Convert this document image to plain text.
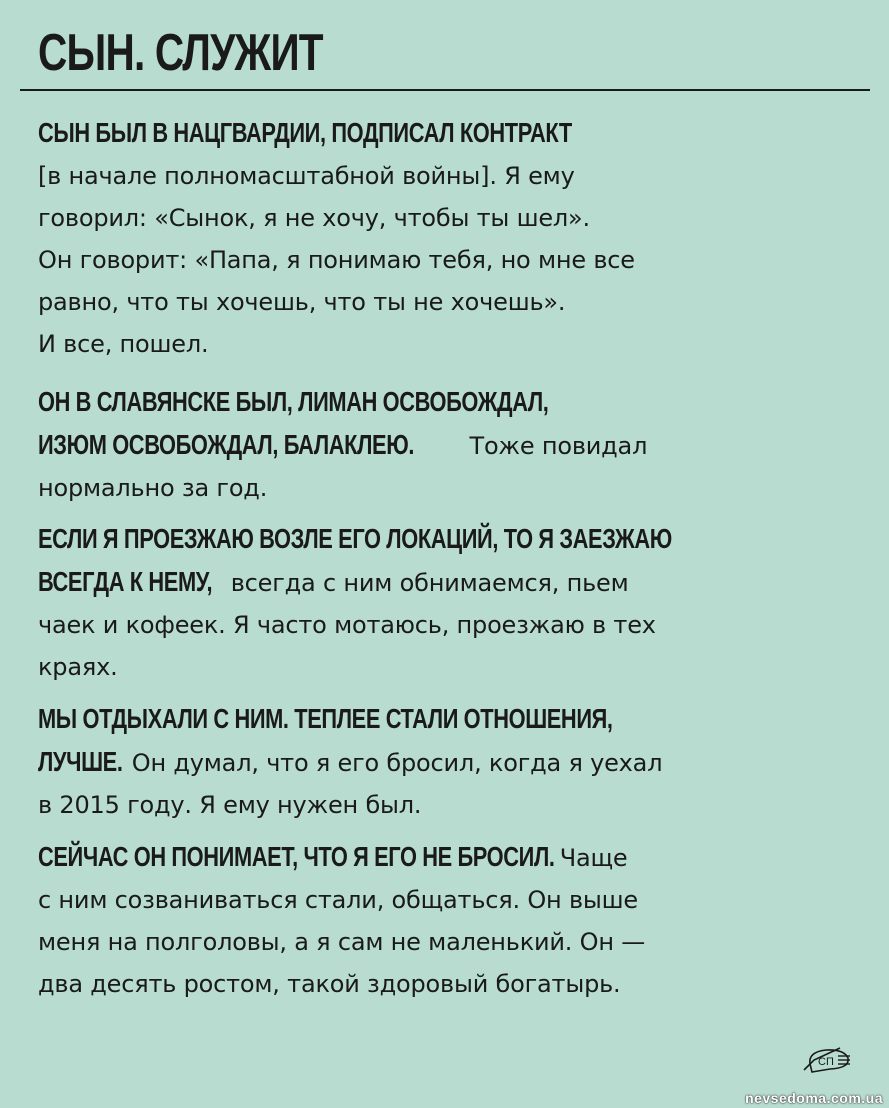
СЫН. СЛУЖИТ
СЫН БЫЛ В НАЦГВАРДИИ, ПОДПИСАЛ КОНТРАКТ
[в начале полномасштабной войны]. Я ему
говорил: «Сынок, я не хочу, чтобы ты шел».
Он говорит: «Папа, я понимаю тебя, но мне все
равно, что ты хочешь, что ты не хочешь».
И все, пошел.
ОН В СЛАВЯНСКЕ БЫЛ, ЛИМАН ОСВОБОЖДАЛ,
ИЗЮМ ОСВОБОЖДАЛ, БАЛАКЛЕЮ. Тоже повидал
нормально за год.
ЕСЛИ Я ПРОЕЗЖАЮ ВОЗЛЕ ЕГО ЛОКАЦИЙ, ТО Я ЗАЕЗЖАЮ
ВСЕГДА К НЕМУ, всегда с ним обнимаемся, пьем
чаек и кофеек. Я часто мотаюсь, проезжаю в тех
краях.
МЫ ОТДЫХАЛИ С НИМ. ТЕПЛЕЕ СТАЛИ ОТНОШЕНИЯ,
ЛУЧШЕ. Он думал, что я его бросил, когда я уехал
в 2015 году. Я ему нужен был.
СЕЙЧАС ОН ПОНИМАЕТ, ЧТО Я ЕГО НЕ БРОСИЛ. Чаще
с ним созваниваться стали, общаться. Он выше
меня на полголовы, а я сам не маленький. Он —
два десять ростом, такой здоровый богатырь.
СП
nevsedoma.com.ua
